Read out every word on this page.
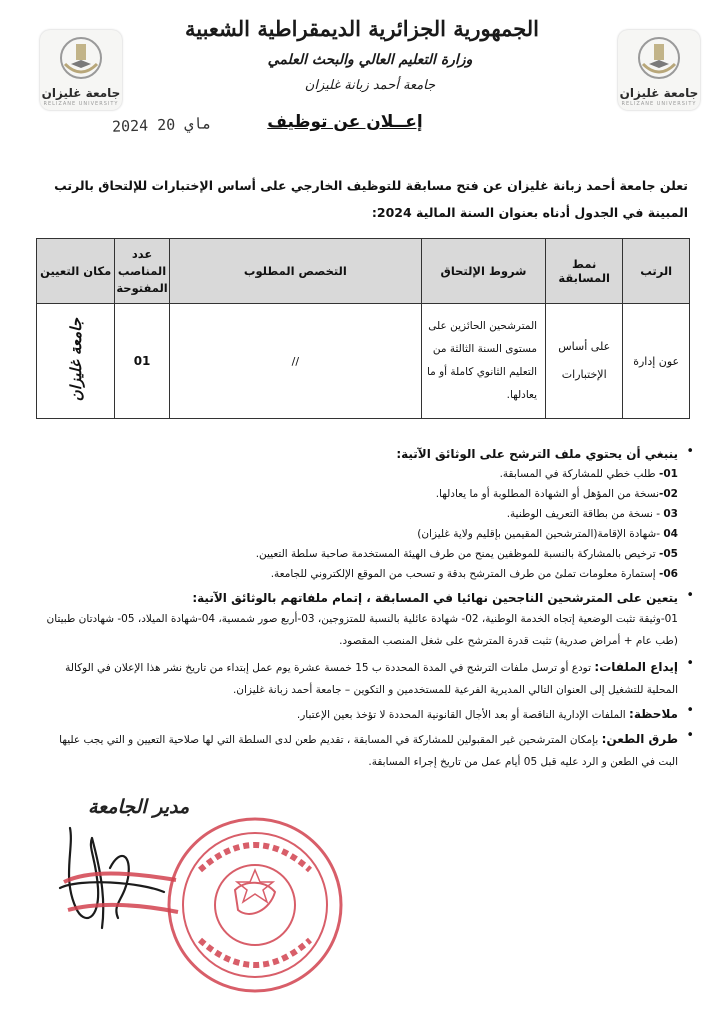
جامعة غليزان
RELIZANE UNIVERSITY
جامعة غليزان
RELIZANE UNIVERSITY
الجمهورية الجزائرية الديمقراطية الشعبية
وزارة التعليم العالي والبحث العلمي
جامعة أحمد زبانة غليزان
2024 ماي 20	إعــلان عن توظيف
تعلن جامعة أحمد زبانة غليزان عن فتح مسابقة للتوظيف الخارجي على أساس الإختبارات للإلتحاق بالرتب المبينة في الجدول أدناه بعنوان السنة المالية 2024:
الرتب	نمط المسابقة	شروط الإلتحاق	التخصص المطلوب	عدد المناصب المفتوحة	مكان التعيين
عون إدارة	على أساس الإختبارات	المترشحين الحائزين على مستوى السنة الثالثة من التعليم الثانوي كاملة أو ما يعادلها.	//	01	جامعة غليزان
•
ينبغي أن يحتوي ملف الترشح على الوثائق الآتية:
01- طلب خطي للمشاركة في المسابقة.
02-نسخة من المؤهل أو الشهادة المطلوبة أو ما يعادلها.
03 - نسخة من بطاقة التعريف الوطنية.
04 -شهادة الإقامة(المترشحين المقيمين بإقليم ولاية غليزان)
05- ترخيص بالمشاركة بالنسبة للموظفين يمنح من طرف الهيئة المستخدمة صاحبة سلطة التعيين.
06- إستمارة معلومات تملئ من طرف المترشح بدقة و تسحب من الموقع الإلكتروني للجامعة.
•
يتعين على المترشحين الناجحين نهائيا في المسابقة ، إتمام ملفاتهم بالوثائق الآتية:
01-وثيقة تثبت الوضعية إتجاه الخدمة الوطنية، 02- شهادة عائلية بالنسبة للمتزوجين، 03-أربع صور شمسية، 04-شهادة الميلاد، 05- شهادتان طبيتان (طب عام + أمراض صدرية) تثبت قدرة المترشح على شغل المنصب المقصود.
•
إيداع الملفات: تودع أو ترسل ملفات الترشح في المدة المحددة ب 15 خمسة عشرة يوم عمل إبتداء من تاريخ نشر هذا الإعلان في الوكالة المحلية للتشغيل إلى العنوان التالي المديرية الفرعية للمستخدمين و التكوين – جامعة أحمد زبانة غليزان.
•
ملاحظة: الملفات الإدارية الناقصة أو بعد الأجال القانونية المحددة لا تؤخذ بعين الإعتبار.
•
طرق الطعن: بإمكان المترشحين غير المقبولين للمشاركة في المسابقة ، تقديم طعن لدى السلطة التي لها صلاحية التعيين و التي يجب عليها البت في الطعن و الرد عليه قبل 05 أيام عمل من تاريخ إجراء المسابقة.
مدير الجامعة
